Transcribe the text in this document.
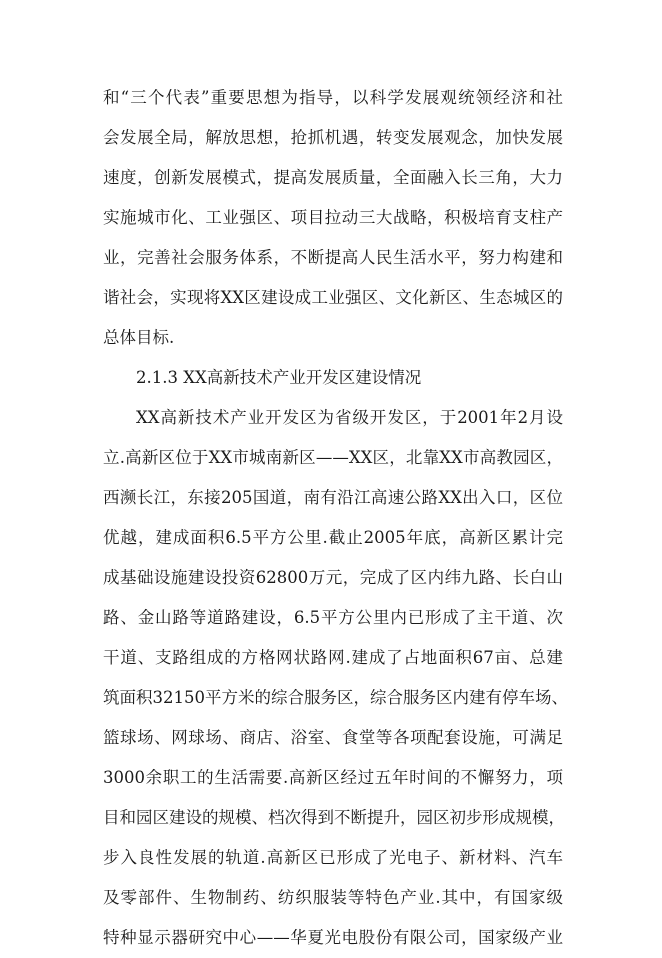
和“三个代表”重要思想为指导，以科学发展观统领经济和社
会发展全局，解放思想，抢抓机遇，转变发展观念，加快发展
速度，创新发展模式，提高发展质量，全面融入长三角，大力
实施城市化、工业强区、项目拉动三大战略，积极培育支柱产
业，完善社会服务体系，不断提高人民生活水平，努力构建和
谐社会，实现将XX区建设成工业强区、文化新区、生态城区的
总体目标.
2.1.3 XX高新技术产业开发区建设情况
XX高新技术产业开发区为省级开发区，于2001年2月设
立.高新区位于XX市城南新区——XX区，北靠XX市高教园区，
西濒长江，东接205国道，南有沿江高速公路XX出入口，区位
优越，建成面积6.5平方公里.截止2005年底，高新区累计完
成基础设施建设投资62800万元，完成了区内纬九路、长白山
路、金山路等道路建设，6.5平方公里内已形成了主干道、次
干道、支路组成的方格网状路网.建成了占地面积67亩、总建
筑面积32150平方米的综合服务区，综合服务区内建有停车场、
篮球场、网球场、商店、浴室、食堂等各项配套设施，可满足
3000余职工的生活需要.高新区经过五年时间的不懈努力，项
目和园区建设的规模、档次得到不断提升，园区初步形成规模，
步入良性发展的轨道.高新区已形成了光电子、新材料、汽车
及零部件、生物制药、纺织服装等特色产业.其中，有国家级
特种显示器研究中心——华夏光电股份有限公司，国家级产业
